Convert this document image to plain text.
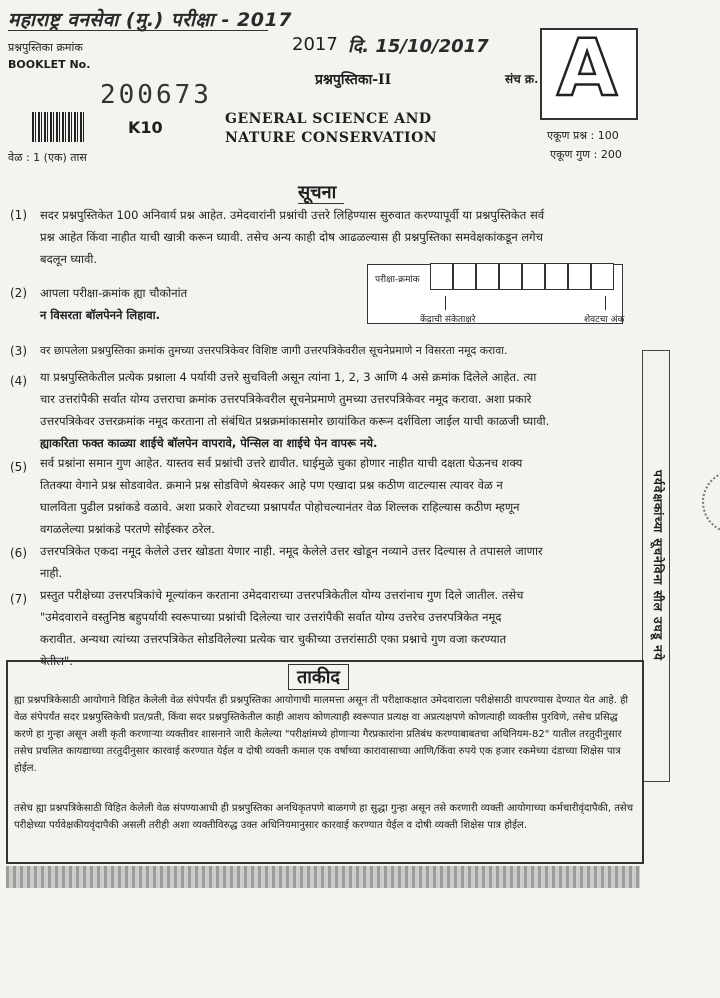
महाराष्ट्र वनसेवा (मु.) परीक्षा - 2017
प्रश्नपुस्तिका क्रमांक
BOOKLET No.
200673
K10
वेळ : 1 (एक) तास
2017 दि. 15/10/2017
प्रश्नपुस्तिका-II
GENERAL SCIENCE AND
NATURE CONSERVATION
संच क्र. A
एकूण प्रश्न : 100
एकूण गुण : 200
सूचना
(1) सदर प्रश्नपुस्तिकेत 100 अनिवार्य प्रश्न आहेत. उमेदवारांनी प्रश्नांची उत्तरे लिहिण्यास सुरुवात करण्यापूर्वी या प्रश्नपुस्तिकेत सर्व
प्रश्न आहेत किंवा नाहीत याची खात्री करून घ्यावी. तसेच अन्य काही दोष आढळल्यास ही प्रश्नपुस्तिका समवेक्षकांकडून लगेच
बदलून घ्यावी.
(2) आपला परीक्षा-क्रमांक ह्या चौकोनांत
न विसरता बॉलपेनने लिहावा.
परीक्षा-क्रमांक
केंद्राची संकेताक्षरे	शेवटचा अंक
(3) वर छापलेला प्रश्नपुस्तिका क्रमांक तुमच्या उत्तरपत्रिकेवर विशिष्ट जागी उत्तरपत्रिकेवरील सूचनेप्रमाणे न विसरता नमूद करावा.
(4) या प्रश्नपुस्तिकेतील प्रत्येक प्रश्नाला 4 पर्यायी उत्तरे सुचविली असून त्यांना 1, 2, 3 आणि 4 असे क्रमांक दिलेले आहेत. त्या
चार उत्तरांपैकी सर्वात योग्य उत्तराचा क्रमांक उत्तरपत्रिकेवरील सूचनेप्रमाणे तुमच्या उत्तरपत्रिकेवर नमूद करावा. अशा प्रकारे
उत्तरपत्रिकेवर उत्तरक्रमांक नमूद करताना तो संबंधित प्रश्नक्रमांकासमोर छायांकित करून दर्शविला जाईल याची काळजी घ्यावी.
ह्याकरिता फक्त काळ्या शाईचे बॉलपेन वापरावे, पेन्सिल वा शाईचे पेन वापरू नये.
(5) सर्व प्रश्नांना समान गुण आहेत. यास्तव सर्व प्रश्नांची उत्तरे द्यावीत. घाईमुळे चुका होणार नाहीत याची दक्षता घेऊनच शक्य
तितक्या वेगाने प्रश्न सोडवावेत. क्रमाने प्रश्न सोडविणे श्रेयस्कर आहे पण एखादा प्रश्न कठीण वाटल्यास त्यावर वेळ न
घालविता पुढील प्रश्नांकडे वळावे. अशा प्रकारे शेवटच्या प्रश्नापर्यंत पोहोचल्यानंतर वेळ शिल्लक राहिल्यास कठीण म्हणून
वगळलेल्या प्रश्नांकडे परतणे सोईस्कर ठरेल.
(6) उत्तरपत्रिकेत एकदा नमूद केलेले उत्तर खोडता येणार नाही. नमूद केलेले उत्तर खोडून नव्याने उत्तर दिल्यास ते तपासले जाणार
नाही.
(7) प्रस्तुत परीक्षेच्या उत्तरपत्रिकांचे मूल्यांकन करताना उमेदवाराच्या उत्तरपत्रिकेतील योग्य उत्तरांनाच गुण दिले जातील. तसेच
"उमेदवाराने वस्तुनिष्ठ बहुपर्यायी स्वरूपाच्या प्रश्नांची दिलेल्या चार उत्तरांपैकी सर्वात योग्य उत्तरेच उत्तरपत्रिकेत नमूद
करावीत. अन्यथा त्यांच्या उत्तरपत्रिकेत सोडविलेल्या प्रत्येक चार चुकीच्या उत्तरांसाठी एका प्रश्नाचे गुण वजा करण्यात
येतील".
पर्यवेक्षकांच्या सूचनेविना सील उघडू नये
ताकीद
ह्या प्रश्नपत्रिकेसाठी आयोगाने विहित केलेली वेळ संपेपर्यंत ही प्रश्नपुस्तिका आयोगाची मालमत्ता असून ती परीक्षाकक्षात उमेदवाराला परीक्षेसाठी वापरण्यास देण्यात येत आहे. ही वेळ संपेपर्यंत सदर प्रश्नपुस्तिकेची प्रत/प्रती, किंवा सदर प्रश्नपुस्तिकेतील काही आशय कोणत्याही स्वरूपात प्रत्यक्ष वा अप्रत्यक्षपणे कोणत्याही व्यक्तीस पुरविणे, तसेच प्रसिद्ध करणे हा गुन्हा असून अशी कृती करणाऱ्या व्यक्तीवर शासनाने जारी केलेल्या "परीक्षांमध्ये होणाऱ्या गैरप्रकारांना प्रतिबंध करण्याबाबतचा अधिनियम-82" यातील तरतुदीनुसार तसेच प्रचलित कायद्याच्या तरतुदीनुसार कारवाई करण्यात येईल व दोषी व्यक्ती कमाल एक वर्षाच्या कारावासाच्या आणि/किंवा रुपये एक हजार रकमेच्या दंडाच्या शिक्षेस पात्र होईल.
तसेच ह्या प्रश्नपत्रिकेसाठी विहित केलेली वेळ संपण्याआधी ही प्रश्नपुस्तिका अनधिकृतपणे बाळगणे हा सुद्धा गुन्हा असून तसे करणारी व्यक्ती आयोगाच्या कर्मचारीवृंदापैकी, तसेच परीक्षेच्या पर्यवेक्षकीयवृंदापैकी असली तरीही अशा व्यक्तीविरुद्ध उक्त अधिनियमानुसार कारवाई करण्यात येईल व दोषी व्यक्ती शिक्षेस पात्र होईल.
